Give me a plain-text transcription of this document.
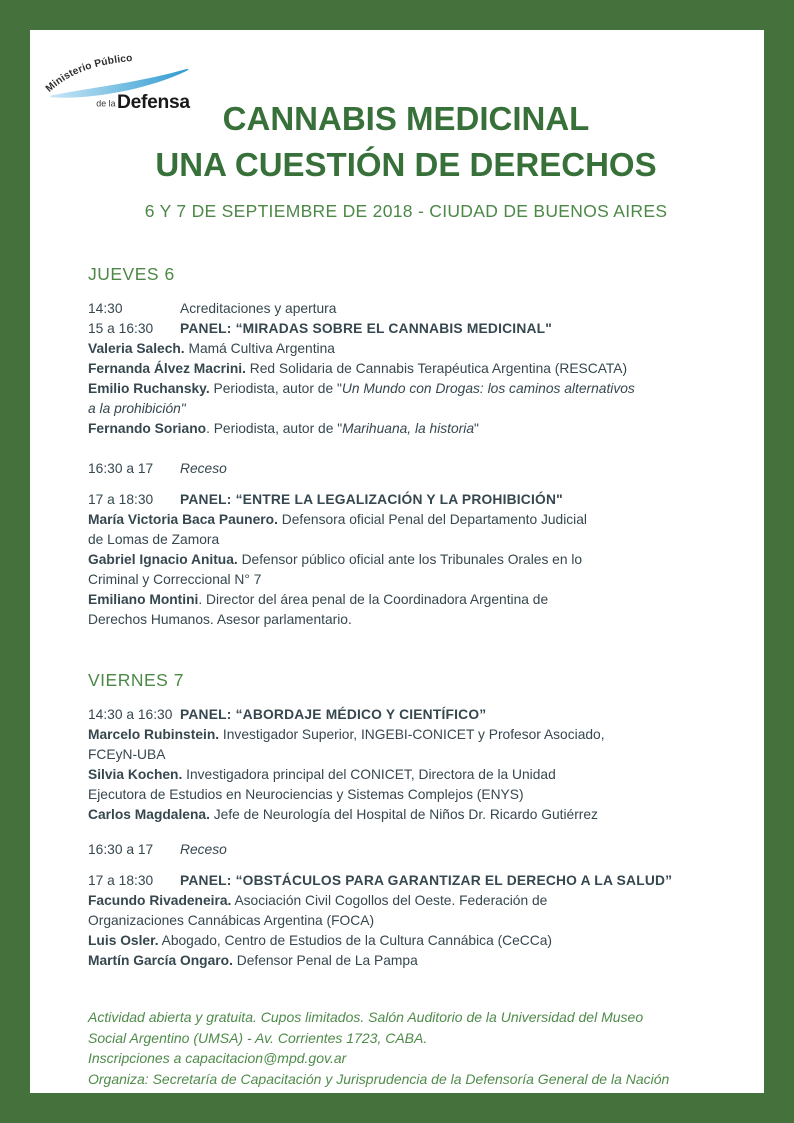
Ministerio Público
de la Defensa CANNABIS MEDICINAL
UNA CUESTIÓN DE DERECHOS
6 Y 7 DE SEPTIEMBRE DE 2018 - CIUDAD DE BUENOS AIRES
JUEVES 6
14:30	Acreditaciones y apertura
15 a 16:30	PANEL: “MIRADAS SOBRE EL CANNABIS MEDICINAL"

Valeria Salech. Mamá Cultiva Argentina

Fernanda Álvez Macrini. Red Solidaria de Cannabis Terapéutica Argentina (RESCATA)

Emilio Ruchansky. Periodista, autor de "Un Mundo con Drogas: los caminos alternativos
a la prohibición"

Fernando Soriano. Periodista, autor de "Marihuana, la historia"

16:30 a 17	Receso
17 a 18:30	PANEL: “ENTRE LA LEGALIZACIÓN Y LA PROHIBICIÓN"

María Victoria Baca Paunero. Defensora oficial Penal del Departamento Judicial
de Lomas de Zamora

Gabriel Ignacio Anitua. Defensor público oficial ante los Tribunales Orales en lo
Criminal y Correccional N° 7

Emiliano Montini. Director del área penal de la Coordinadora Argentina de
Derechos Humanos. Asesor parlamentario.

VIERNES 7
14:30 a 16:30 PANEL: “ABORDAJE MÉDICO Y CIENTÍFICO”

Marcelo Rubinstein. Investigador Superior, INGEBI-CONICET y Profesor Asociado,
FCEyN-UBA

Silvia Kochen. Investigadora principal del CONICET, Directora de la Unidad
Ejecutora de Estudios en Neurociencias y Sistemas Complejos (ENYS)

Carlos Magdalena. Jefe de Neurología del Hospital de Niños Dr. Ricardo Gutiérrez

16:30 a 17	Receso
17 a 18:30	PANEL: “OBSTÁCULOS PARA GARANTIZAR EL DERECHO A LA SALUD”

Facundo Rivadeneira. Asociación Civil Cogollos del Oeste. Federación de
Organizaciones Cannábicas Argentina (FOCA)

Luis Osler. Abogado, Centro de Estudios de la Cultura Cannábica (CeCCa)

Martín García Ongaro. Defensor Penal de La Pampa

Actividad abierta y gratuita. Cupos limitados. Salón Auditorio de la Universidad del Museo
Social Argentino (UMSA) - Av. Corrientes 1723, CABA.
Inscripciones a capacitacion@mpd.gov.ar
Organiza: Secretaría de Capacitación y Jurisprudencia de la Defensoría General de la Nación
